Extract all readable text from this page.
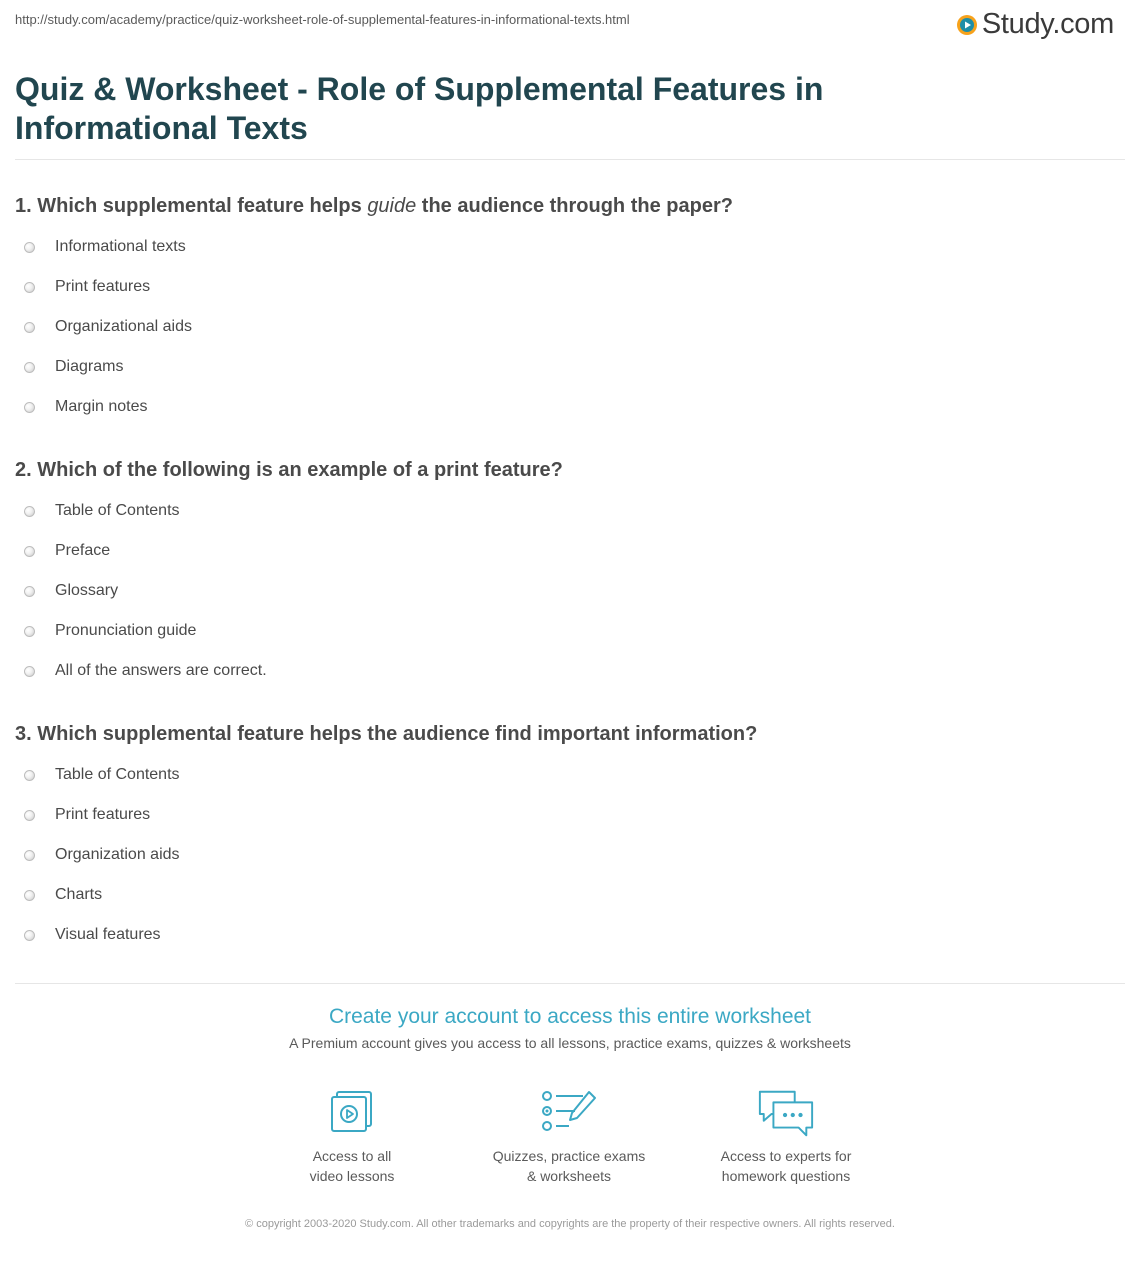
http://study.com/academy/practice/quiz-worksheet-role-of-supplemental-features-in-informational-texts.html	Study.com
Quiz & Worksheet - Role of Supplemental Features in Informational Texts

1. Which supplemental feature helps guide the audience through the paper?

Informational texts
Print features
Organizational aids
Diagrams
Margin notes

2. Which of the following is an example of a print feature?

Table of Contents
Preface
Glossary
Pronunciation guide
All of the answers are correct.

3. Which supplemental feature helps the audience find important information?

Table of Contents
Print features
Organization aids
Charts
Visual features
Create your account to access this entire worksheet
A Premium account gives you access to all lessons, practice exams, quizzes & worksheets
Access to all
video lessons
Quizzes, practice exams
& worksheets
Access to experts for
homework questions
© copyright 2003-2020 Study.com. All other trademarks and copyrights are the property of their respective owners. All rights reserved.
